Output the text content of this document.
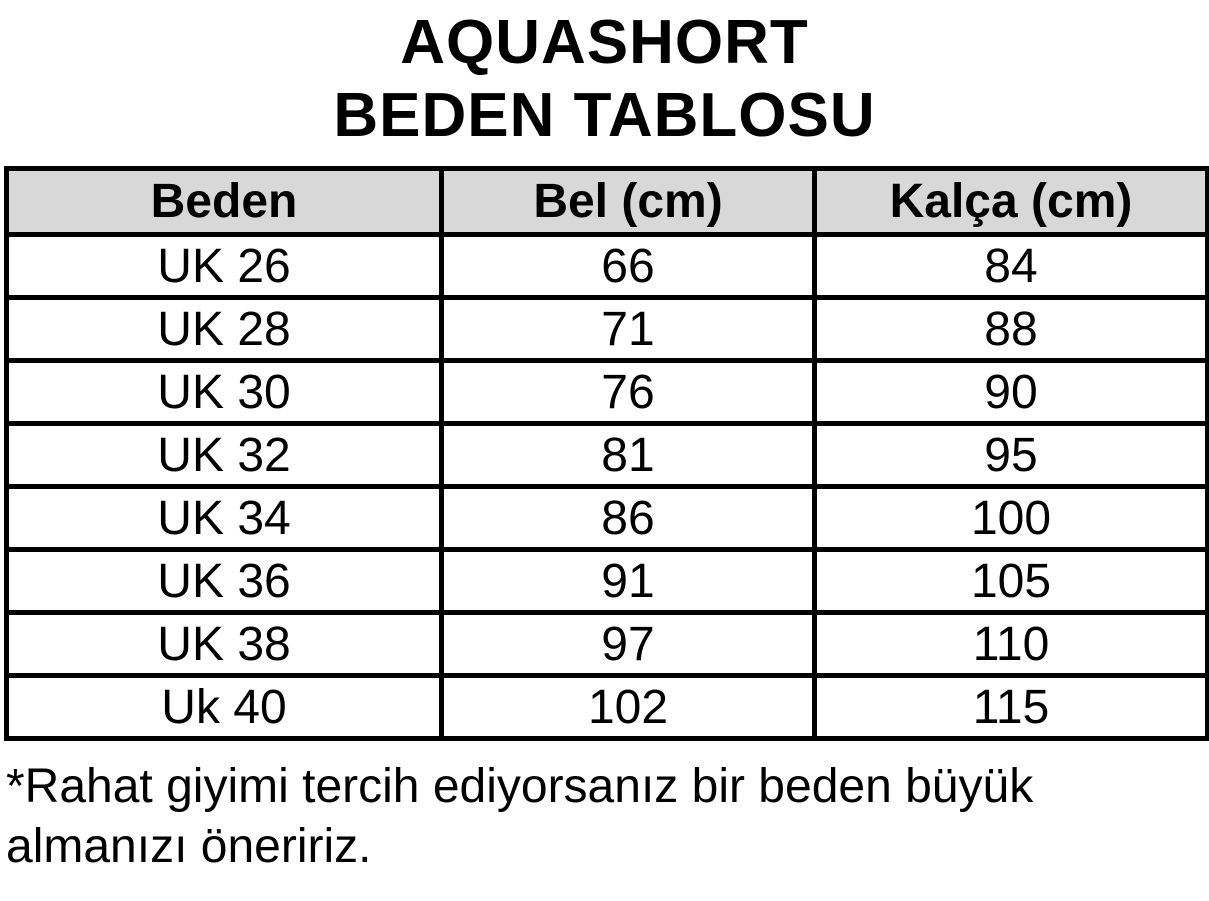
AQUASHORT
BEDEN TABLOSU
Beden	Bel (cm)	Kalça (cm)
UK 26	66	84
UK 28	71	88
UK 30	76	90
UK 32	81	95
UK 34	86	100
UK 36	91	105
UK 38	97	110
Uk 40	102	115

*Rahat giyimi tercih ediyorsanız bir beden büyük almanızı öneririz.
